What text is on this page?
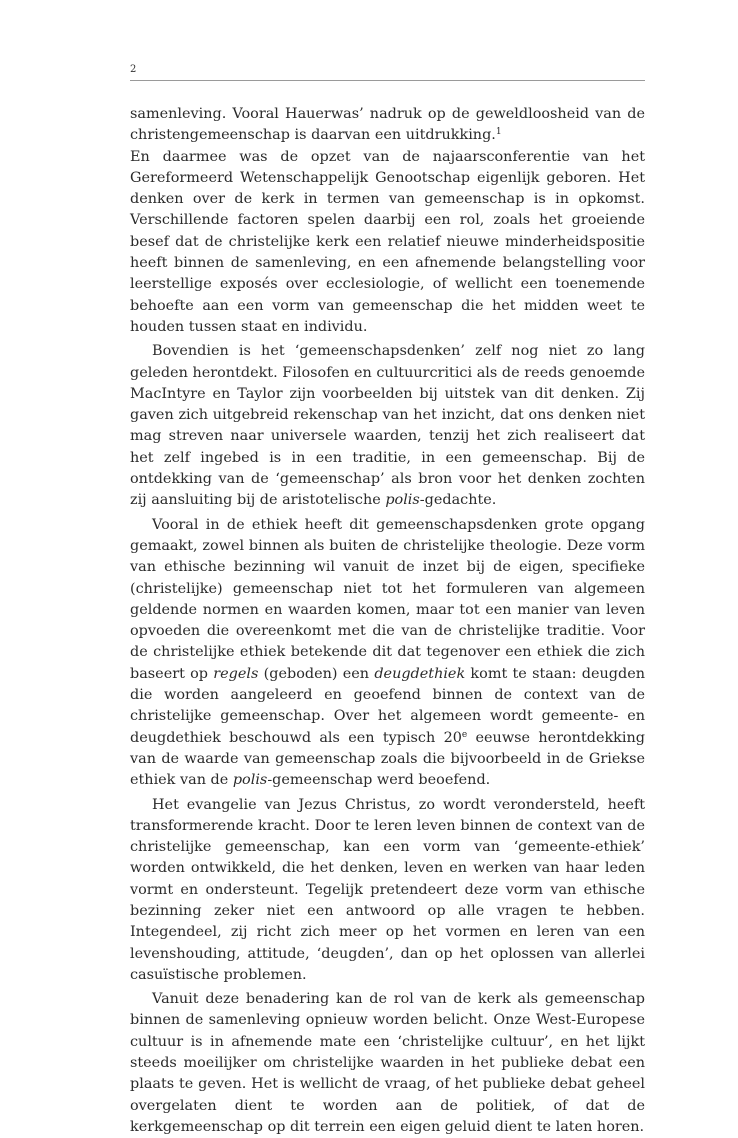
2

samenleving. Vooral Hauerwas’ nadruk op de geweldloosheid van de christengemeenschap is daarvan een uitdrukking.$^1$

En daarmee was de opzet van de najaarsconferentie van het Gereformeerd Wetenschappelijk Genootschap eigenlijk geboren. Het denken over de kerk in termen van gemeenschap is in opkomst. Verschillende factoren spelen daarbij een rol, zoals het groeiende besef dat de christelijke kerk een relatief nieuwe minderheidspositie heeft binnen de samenleving, en een afnemende belangstelling voor leerstellige exposés over ecclesiologie, of wellicht een toenemende behoefte aan een vorm van gemeenschap die het midden weet te houden tussen staat en individu.

Bovendien is het ‘gemeenschapsdenken’ zelf nog niet zo lang geleden herontdekt. Filosofen en cultuurcritici als de reeds genoemde MacIntyre en Taylor zijn voorbeelden bij uitstek van dit denken. Zij gaven zich uitgebreid rekenschap van het inzicht, dat ons denken niet mag streven naar universele waarden, tenzij het zich realiseert dat het zelf ingebed is in een traditie, in een gemeenschap. Bij de ontdekking van de ‘gemeenschap’ als bron voor het denken zochten zij aansluiting bij de aristotelische polis-gedachte.

Vooral in de ethiek heeft dit gemeenschapsdenken grote opgang gemaakt, zowel binnen als buiten de christelijke theologie. Deze vorm van ethische bezinning wil vanuit de inzet bij de eigen, specifieke (christelijke) gemeenschap niet tot het formuleren van algemeen geldende normen en waarden komen, maar tot een manier van leven opvoeden die overeenkomt met die van de christelijke traditie. Voor de christelijke ethiek betekende dit dat tegenover een ethiek die zich baseert op regels (geboden) een deugdethiek komt te staan: deugden die worden aangeleerd en geoefend binnen de context van de christelijke gemeenschap. Over het algemeen wordt gemeente- en deugdethiek beschouwd als een typisch 20e eeuwse herontdekking van de waarde van gemeenschap zoals die bijvoorbeeld in de Griekse ethiek van de polis-gemeenschap werd beoefend.

Het evangelie van Jezus Christus, zo wordt verondersteld, heeft transformerende kracht. Door te leren leven binnen de context van de christelijke gemeenschap, kan een vorm van ‘gemeente-ethiek’ worden ontwikkeld, die het denken, leven en werken van haar leden vormt en ondersteunt. Tegelijk pretendeert deze vorm van ethische bezinning zeker niet een antwoord op alle vragen te hebben. Integendeel, zij richt zich meer op het vormen en leren van een levenshouding, attitude, ‘deugden’, dan op het oplossen van allerlei casuïstische problemen.

Vanuit deze benadering kan de rol van de kerk als gemeenschap binnen de samenleving opnieuw worden belicht. Onze West-Europese cultuur is in afnemende mate een ‘christelijke cultuur’, en het lijkt steeds moeilijker om christelijke waarden in het publieke debat een plaats te geven. Het is wellicht de vraag, of het publieke debat geheel overgelaten dient te worden aan de politiek, of dat de kerkgemeenschap op dit terrein een eigen geluid dient te laten horen.
